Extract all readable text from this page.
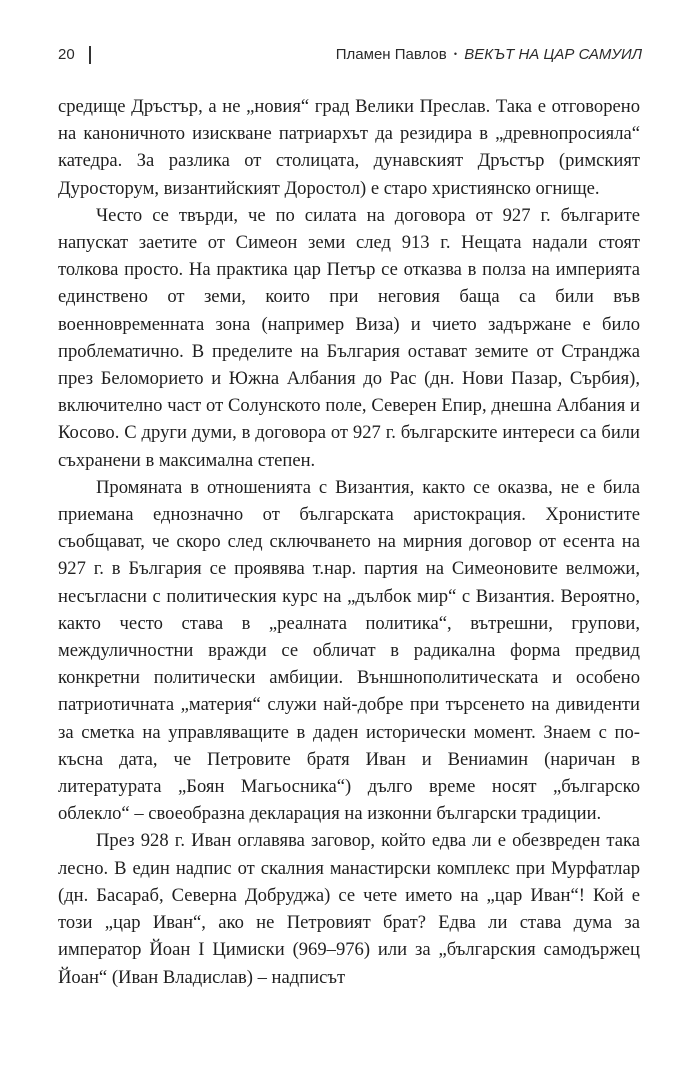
20	Пламен Павлов • ВЕКЪТ НА ЦАР САМУИЛ

средище Дръстър, а не „новия“ град Велики Преслав. Така е отговорено на каноничното изискване патриархът да резидира в „древнопросияла“ катедра. За разлика от столицата, дунавският Дръстър (римският Дуросторум, византийският Доростол) е старо християнско огнище.

Често се твърди, че по силата на договора от 927 г. българите напускат заетите от Симеон земи след 913 г. Нещата надали стоят толкова просто. На практика цар Петър се отказва в полза на империята единствено от земи, които при неговия баща са били във военновременната зона (например Виза) и чието задържане е било проблематично. В пределите на България остават земите от Странджа през Беломорието и Южна Албания до Рас (дн. Нови Пазар, Сърбия), включително част от Солунското поле, Северен Епир, днешна Албания и Косово. С други думи, в договора от 927 г. българските интереси са били съхранени в максимална степен.

Промяната в отношенията с Византия, както се оказва, не е била приемана еднозначно от българската аристокрация. Хронистите съобщават, че скоро след сключването на мирния договор от есента на 927 г. в България се проявява т.нар. партия на Симеоновите велможи, несъгласни с политическия курс на „дълбок мир“ с Византия. Вероятно, както често става в „реалната политика“, вътрешни, групови, междуличностни вражди се обличат в радикална форма предвид конкретни политически амбиции. Външнополитическата и особено патриотичната „материя“ служи най-добре при търсенето на дивиденти за сметка на управляващите в даден исторически момент. Знаем с по-късна дата, че Петровите братя Иван и Вениамин (наричан в литературата „Боян Магьосника“) дълго време носят „българско облекло“ – своеобразна декларация на изконни български традиции.

През 928 г. Иван оглавява заговор, който едва ли е обезвреден така лесно. В един надпис от скалния манастирски комплекс при Мурфатлар (дн. Басараб, Северна Добруджа) се чете името на „цар Иван“! Кой е този „цар Иван“, ако не Петровият брат? Едва ли става дума за император Йоан I Цимиски (969–976) или за „българския самодържец Йоан“ (Иван Владислав) – надписът
